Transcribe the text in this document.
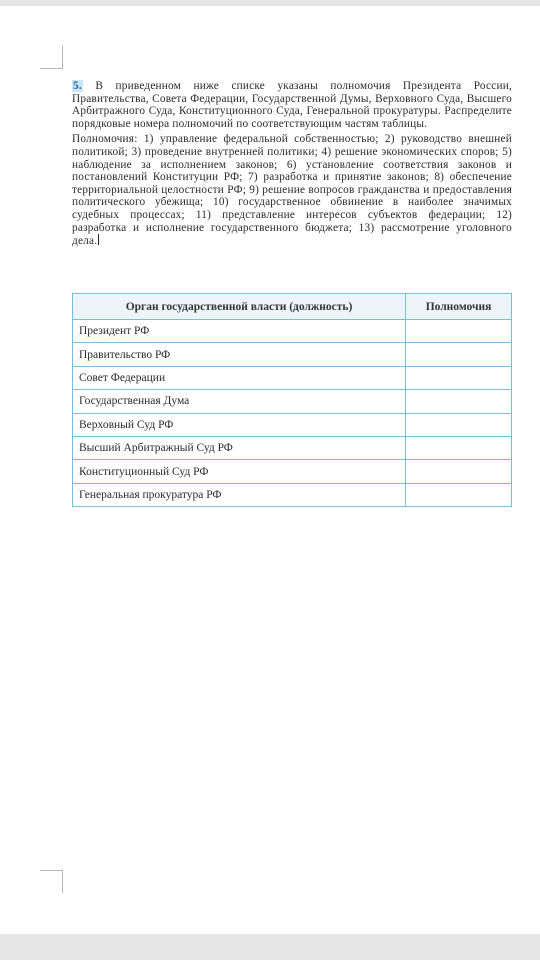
5. В приведенном ниже списке указаны полномочия Президента России, Правительства, Совета Федерации, Государственной Думы, Верховного Суда, Высшего Арбитражного Суда, Конституционного Суда, Генеральной прокуратуры. Распределите порядковые номера полномочий по соответствующим частям таблицы.
Полномочия: 1) управление федеральной собственностью; 2) руководство внешней политикой; 3) проведение внутренней политики; 4) решение экономических споров; 5) наблюдение за исполнением законов; 6) установление соответствия законов и постановлений Конституции РФ; 7) разработка и принятие законов; 8) обеспечение территориальной целостности РФ; 9) решение вопросов гражданства и предоставления политического убежища; 10) государственное обвинение в наиболее значимых судебных процессах; 11) представление интересов субъектов федерации; 12) разработка и исполнение государственного бюджета; 13) рассмотрение уголовного дела.
Орган государственной власти (должность)	Полномочия
Президент РФ	
Правительство РФ	
Совет Федерации	
Государственная Дума	
Верховный Суд РФ	
Высший Арбитражный Суд РФ	
Конституционный Суд РФ	
Генеральная прокуратура РФ	
